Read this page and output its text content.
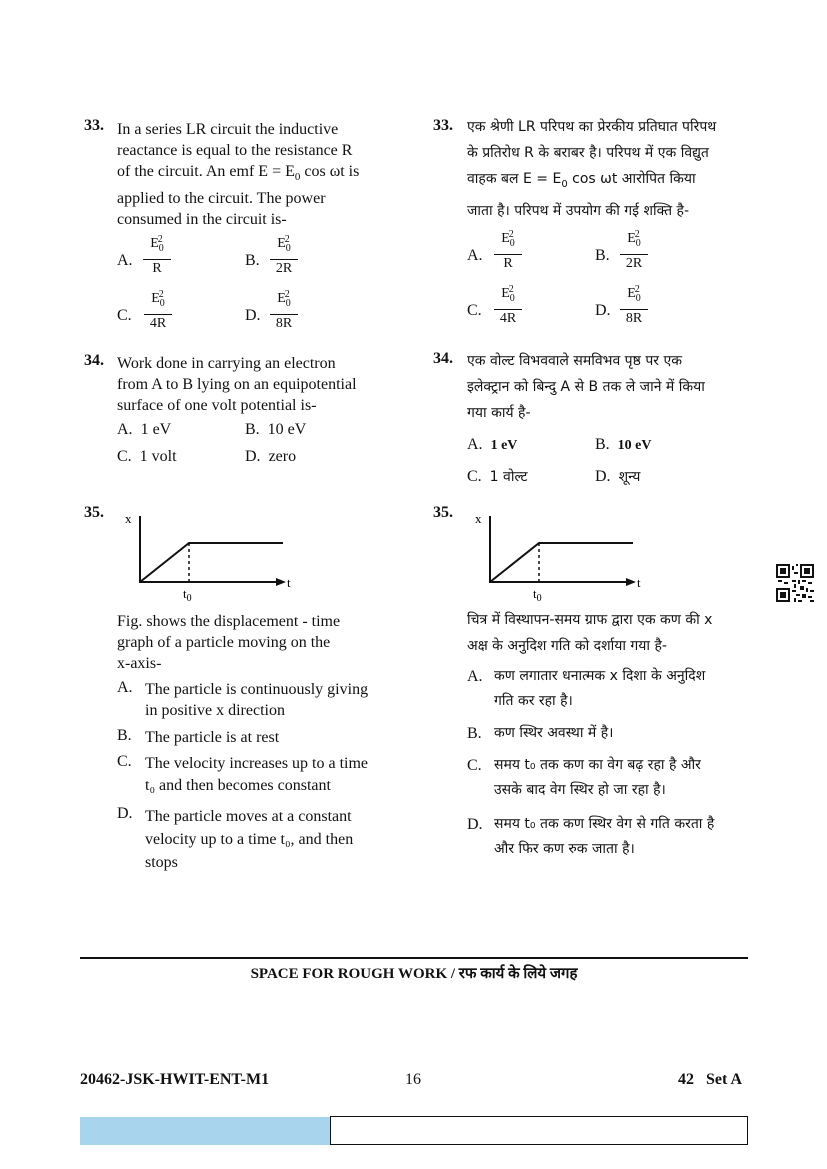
33. In a series LR circuit the inductive
reactance is equal to the resistance R
of the circuit. An emf $E = E_0$ cos ωt is
applied to the circuit. The power
consumed in the circuit is-
A.
$E_0$
2
R	B.
$E_0$
2
2R
C.
$E_0$
2
4R	D.
$E_0$
2
8R
33. एक श्रेणी LR परिपथ का प्रेरकीय प्रतिघात परिपथ
के प्रतिरोध R के बराबर है। परिपथ में एक विद्युत
वाहक बल $E = E_0$ cos ωt आरोपित किया
जाता है। परिपथ में उपयोग की गई शक्ति है-
A.
$E_0$
2
R	B.
$E_0$
2
2R
C.
$E_0$
2
4R	D.
$E_0$
2
8R
34. Work done in carrying an electron
from A to B lying on an equipotential
surface of one volt potential is-
A. 1 eV	B. 10 eV
C. 1 volt	D. zero
34. एक वोल्ट विभववाले समविभव पृष्ठ पर एक
इलेक्ट्रान को बिन्दु A से B तक ले जाने में किया
गया कार्य है-
A. 1 eV	B. 10 eV
C. 1 वोल्ट	D. शून्य
35. x
t
$t_0$
Fig. shows the displacement - time
graph of a particle moving on the
x-axis-
A. The particle is continuously giving
in positive x direction
B. The particle is at rest
C. The velocity increases up to a time
t₀ and then becomes constant
D. The particle moves at a constant
velocity up to a time t₀, and then
stops
35. x
t
$t_0$
चित्र में विस्थापन-समय ग्राफ द्वारा एक कण की x
अक्ष के अनुदिश गति को दर्शाया गया है-
A. कण लगातार धनात्मक x दिशा के अनुदिश
गति कर रहा है।
B. कण स्थिर अवस्था में है।
C. समय t₀ तक कण का वेग बढ़ रहा है और
उसके बाद वेग स्थिर हो जा रहा है।
D. समय t₀ तक कण स्थिर वेग से गति करता है
और फिर कण रुक जाता है।
SPACE FOR ROUGH WORK / रफ कार्य के लिये जगह
20462-JSK-HWIT-ENT-M1	16	42 Set A
